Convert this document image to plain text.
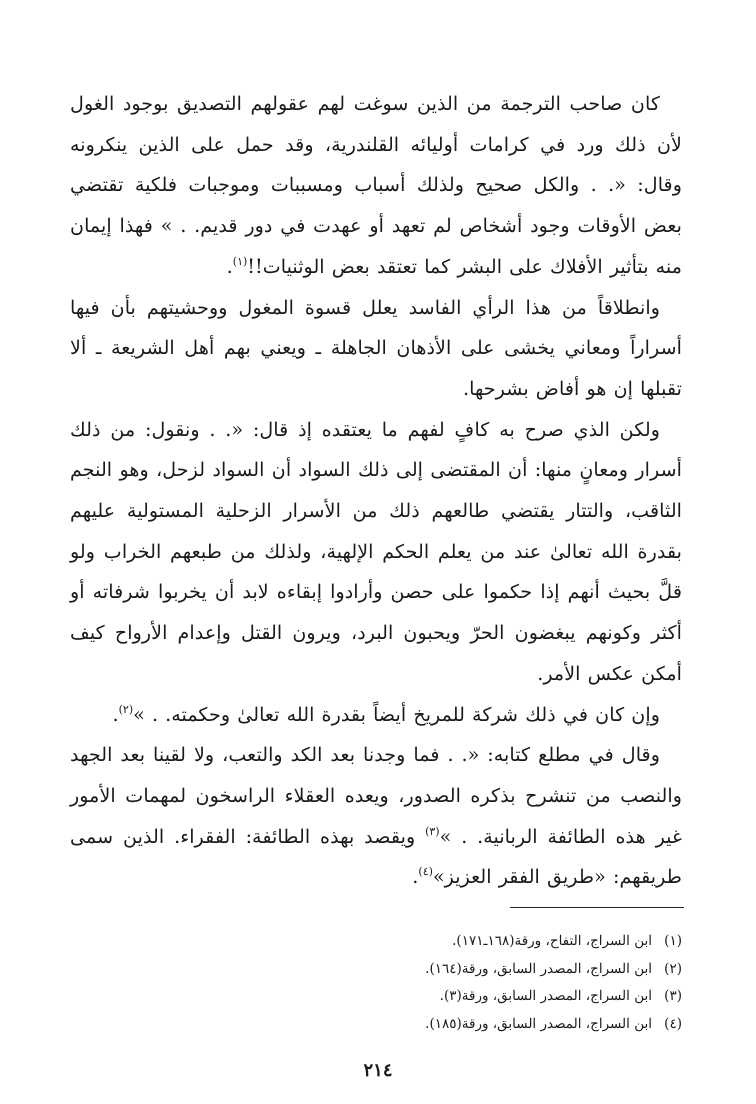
كان صاحب الترجمة من الذين سوغت لهم عقولهم التصديق بوجود الغول لأن ذلك ورد في كرامات أوليائه القلندرية، وقد حمل على الذين ينكرونه وقال: «. . والكل صحيح ولذلك أسباب ومسببات وموجبات فلكية تقتضي بعض الأوقات وجود أشخاص لم تعهد أو عهدت في دور قديم. . » فهذا إيمان منه بتأثير الأفلاك على البشر كما تعتقد بعض الوثنيات!!$^{(١)}$.

وانطلاقاً من هذا الرأي الفاسد يعلل قسوة المغول ووحشيتهم بأن فيها أسراراً ومعاني يخشى على الأذهان الجاهلة ـ ويعني بهم أهل الشريعة ـ ألا تقبلها إن هو أفاض بشرحها.

ولكن الذي صرح به كافٍ لفهم ما يعتقده إذ قال: «. . ونقول: من ذلك أسرار ومعانٍ منها: أن المقتضى إلى ذلك السواد أن السواد لزحل، وهو النجم الثاقب، والتتار يقتضي طالعهم ذلك من الأسرار الزحلية المستولية عليهم بقدرة الله تعالىٰ عند من يعلم الحكم الإلهية، ولذلك من طبعهم الخراب ولو قلَّ بحيث أنهم إذا حكموا على حصن وأرادوا إبقاءه لابد أن يخربوا شرفاته أو أكثر وكونهم يبغضون الحرّ ويحبون البرد، ويرون القتل وإعدام الأرواح كيف أمكن عكس الأمر.

وإن كان في ذلك شركة للمريخ أيضاً بقدرة الله تعالىٰ وحكمته. . »$^{(٢)}$.

وقال في مطلع كتابه: «. . فما وجدنا بعد الكد والتعب، ولا لقينا بعد الجهد والنصب من تنشرح بذكره الصدور، ويعده العقلاء الراسخون لمهمات الأمور غير هذه الطائفة الربانية. . »$^{(٣)}$ ويقصد بهذه الطائفة: الفقراء. الذين سمى طريقهم: «طريق الفقر العزيز»$^{(٤)}$.

(١)
ابن السراج، التفاح، ورقة(١٦٨ـ١٧١).
(٢)
ابن السراج، المصدر السابق، ورقة(١٦٤).
(٣)
ابن السراج، المصدر السابق، ورقة(٣).
(٤)
ابن السراج، المصدر السابق، ورقة(١٨٥).
٢١٤
